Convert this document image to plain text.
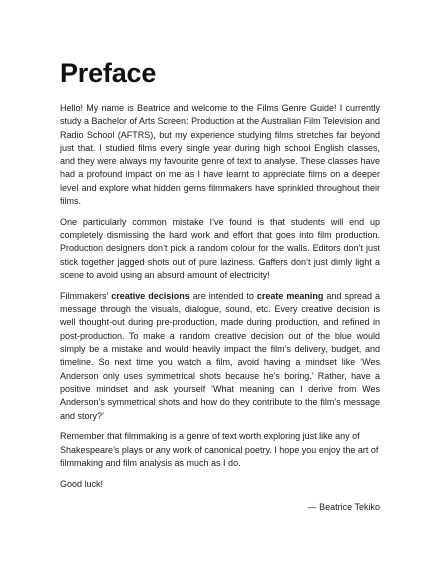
Preface

Hello! My name is Beatrice and welcome to the Films Genre Guide! I currently study a Bachelor of Arts Screen: Production at the Australian Film Television and Radio School (AFTRS), but my experience studying films stretches far beyond just that. I studied films every single year during high school English classes, and they were always my favourite genre of text to analyse. These classes have had a profound impact on me as I have learnt to appreciate films on a deeper level and explore what hidden gems filmmakers have sprinkled throughout their films.

One particularly common mistake I’ve found is that students will end up completely dismissing the hard work and effort that goes into film production. Production designers don’t pick a random colour for the walls. Editors don’t just stick together jagged shots out of pure laziness. Gaffers don’t just dimly light a scene to avoid using an absurd amount of electricity!

Filmmakers’ creative decisions are intended to create meaning and spread a message through the visuals, dialogue, sound, etc. Every creative decision is well thought-out during pre-production, made during production, and refined in post-production. To make a random creative decision out of the blue would simply be a mistake and would heavily impact the film’s delivery, budget, and timeline. So next time you watch a film, avoid having a mindset like ‘Wes Anderson only uses symmetrical shots because he’s boring.’ Rather, have a positive mindset and ask yourself ‘What meaning can I derive from Wes Anderson’s symmetrical shots and how do they contribute to the film’s message and story?’

Remember that filmmaking is a genre of text worth exploring just like any of Shakespeare’s plays or any work of canonical poetry. I hope you enjoy the art of filmmaking and film analysis as much as I do.

Good luck!

— Beatrice Tekiko
